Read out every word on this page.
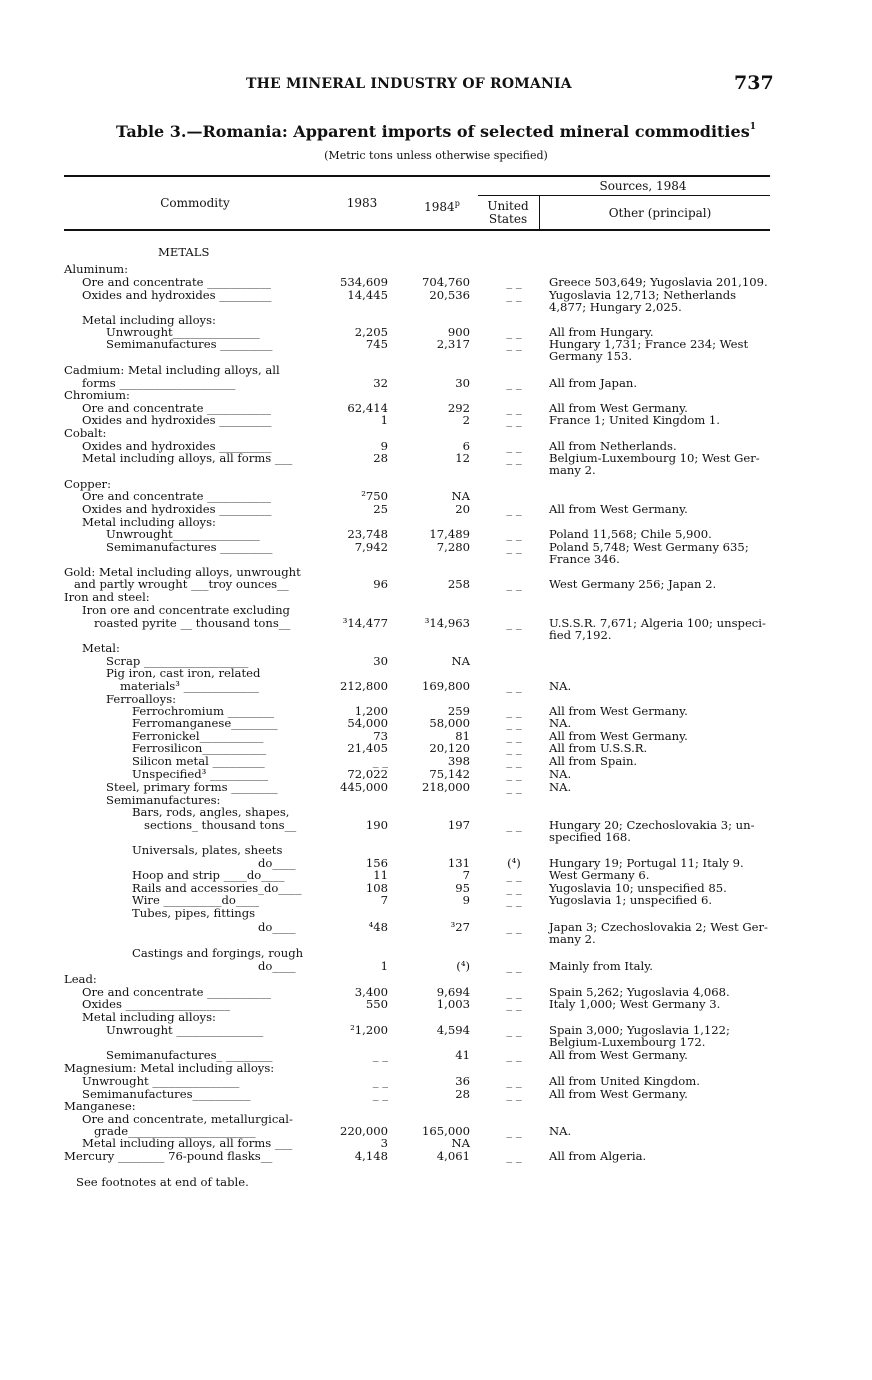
THE MINERAL INDUSTRY OF ROMANIA	737
Table 3.—Romania: Apparent imports of selected mineral commodities$^1$
(Metric tons unless otherwise specified)
Commodity	1983	1984$^p$
Sources, 1984
United
States	Other (principal)
METALS
Aluminum:
Ore and concentrate ___________	534,609	704,760	_ _	Greece 503,649; Yugoslavia 201,109.
Oxides and hydroxides _________	14,445	20,536	_ _	Yugoslavia 12,713; Netherlands
4,877; Hungary 2,025.
Metal including alloys:
Unwrought_______________	2,205	900	_ _	All from Hungary.
Semimanufactures _________	745	2,317	_ _	Hungary 1,731; France 234; West
Germany 153.
Cadmium: Metal including alloys, all
forms ____________________	32	30	_ _	All from Japan.
Chromium:
Ore and concentrate ___________	62,414	292	_ _	All from West Germany.
Oxides and hydroxides _________	1	2	_ _	France 1; United Kingdom 1.
Cobalt:
Oxides and hydroxides _________	9	6	_ _	All from Netherlands.
Metal including alloys, all forms ___	28	12	_ _	Belgium-Luxembourg 10; West Ger-
many 2.
Copper:
Ore and concentrate ___________	²750	NA
Oxides and hydroxides _________	25	20	_ _	All from West Germany.
Metal including alloys:
Unwrought_______________	23,748	17,489	_ _	Poland 11,568; Chile 5,900.
Semimanufactures _________	7,942	7,280	_ _	Poland 5,748; West Germany 635;
France 346.
Gold: Metal including alloys, unwrought
and partly wrought ___troy ounces__	96	258	_ _	West Germany 256; Japan 2.
Iron and steel:
Iron ore and concentrate excluding
roasted pyrite __ thousand tons__	³14,477	³14,963	_ _	U.S.S.R. 7,671; Algeria 100; unspeci-
fied 7,192.
Metal:
Scrap __________________	30	NA
Pig iron, cast iron, related
materials³ _____________	212,800	169,800	_ _	NA.
Ferroalloys:
Ferrochromium ________	1,200	259	_ _	All from West Germany.
Ferromanganese________	54,000	58,000	_ _	NA.
Ferronickel___________	73	81	_ _	All from West Germany.
Ferrosilicon___________	21,405	20,120	_ _	All from U.S.S.R.
Silicon metal _________	_ _	398	_ _	All from Spain.
Unspecified³ __________	72,022	75,142	_ _	NA.
Steel, primary forms ________	445,000	218,000	_ _	NA.
Semimanufactures:
Bars, rods, angles, shapes,
sections_ thousand tons__	190	197	_ _	Hungary 20; Czechoslovakia 3; un-
specified 168.
Universals, plates, sheets
do____	156	131	(⁴)	Hungary 19; Portugal 11; Italy 9.
Hoop and strip ____do____	11	7	_ _	West Germany 6.
Rails and accessories_do____	108	95	_ _	Yugoslavia 10; unspecified 85.
Wire __________do____	7	9	_ _	Yugoslavia 1; unspecified 6.
Tubes, pipes, fittings
do____	⁴48	³27	_ _	Japan 3; Czechoslovakia 2; West Ger-
many 2.
Castings and forgings, rough
do____	1	(⁴)	_ _	Mainly from Italy.
Lead:
Ore and concentrate ___________	3,400	9,694	_ _	Spain 5,262; Yugoslavia 4,068.
Oxides __________________	550	1,003	_ _	Italy 1,000; West Germany 3.
Metal including alloys:
Unwrought _______________	²1,200	4,594	_ _	Spain 3,000; Yugoslavia 1,122;
Belgium-Luxembourg 172.
Semimanufactures_ ________	_ _	41	_ _	All from West Germany.
Magnesium: Metal including alloys:
Unwrought _______________	_ _	36	_ _	All from United Kingdom.
Semimanufactures__________	_ _	28	_ _	All from West Germany.
Manganese:
Ore and concentrate, metallurgical-
grade______________________	220,000	165,000	_ _	NA.
Metal including alloys, all forms ___	3	NA
Mercury ________ 76-pound flasks__	4,148	4,061	_ _	All from Algeria.
See footnotes at end of table.
